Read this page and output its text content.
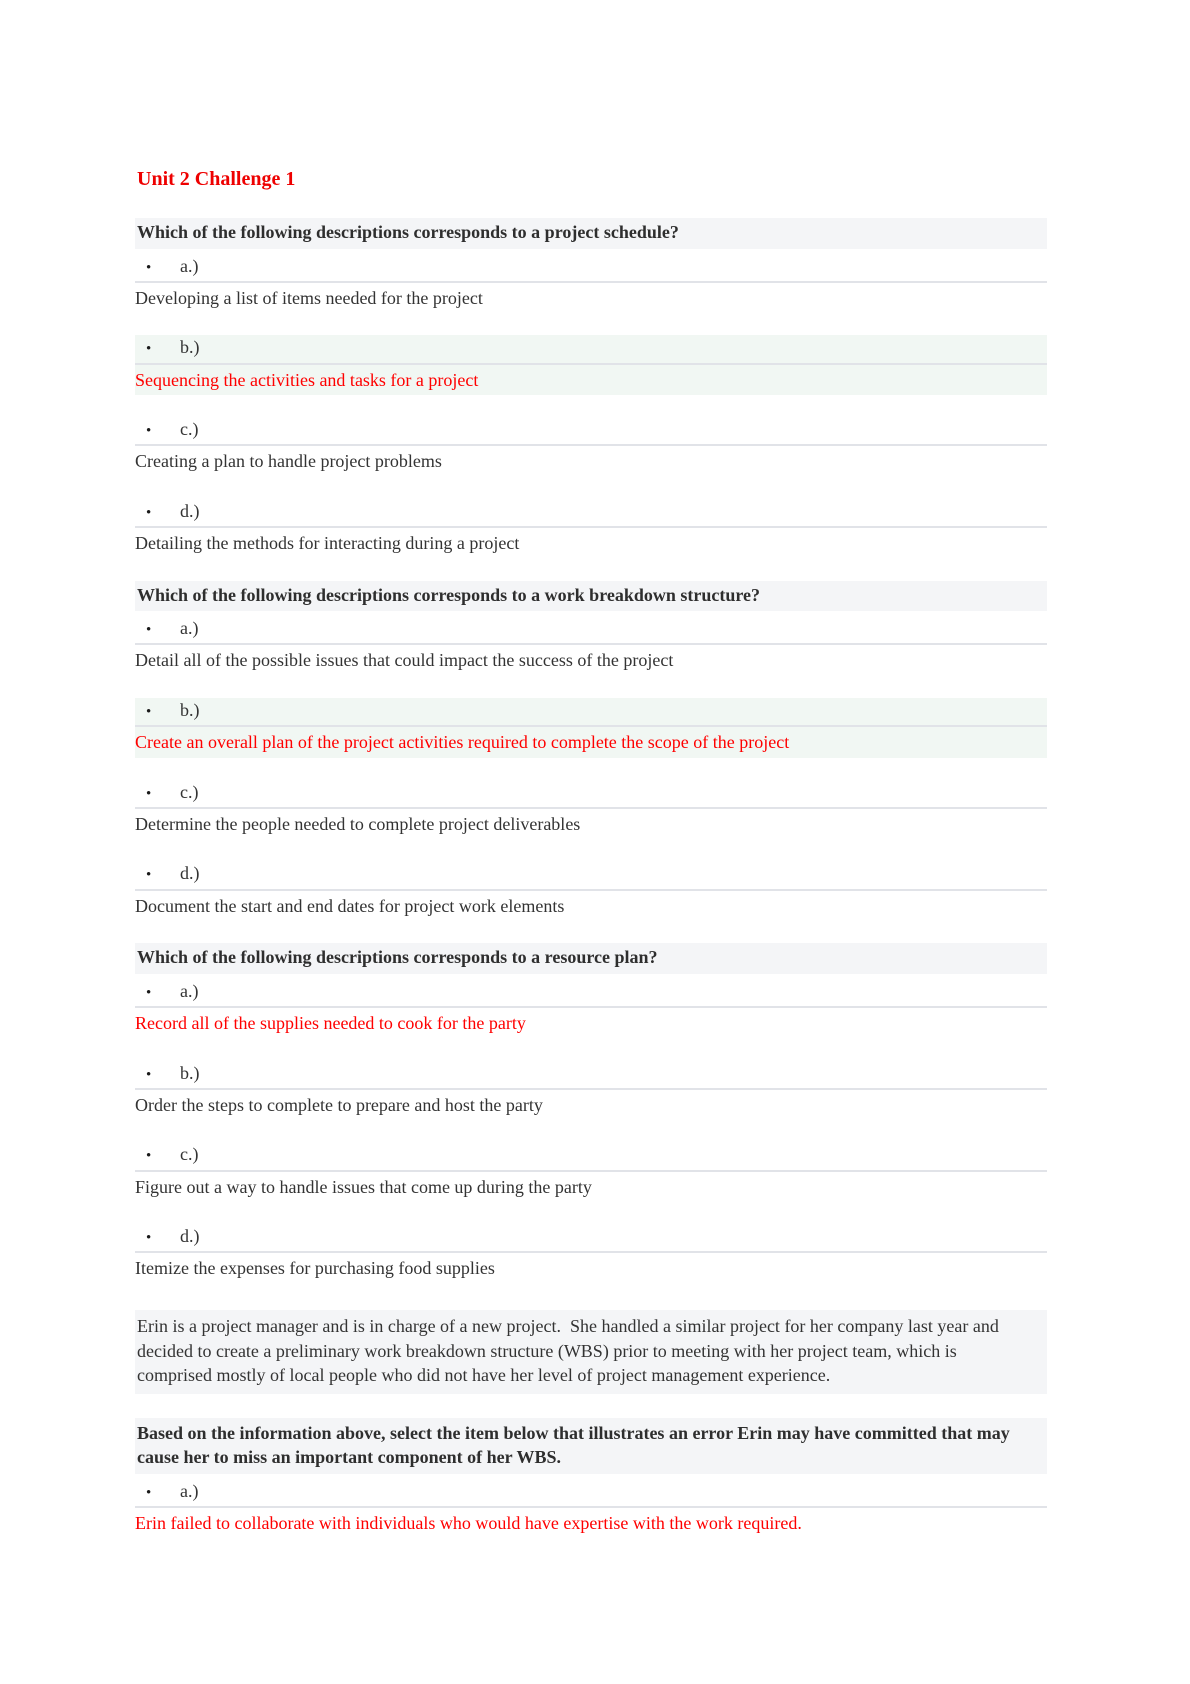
Unit 2 Challenge 1
Which of the following descriptions corresponds to a project schedule?
•	a.)
Developing a list of items needed for the project
•	b.)
Sequencing the activities and tasks for a project
•	c.)
Creating a plan to handle project problems
•	d.)
Detailing the methods for interacting during a project
Which of the following descriptions corresponds to a work breakdown structure?
•	a.)
Detail all of the possible issues that could impact the success of the project
•	b.)
Create an overall plan of the project activities required to complete the scope of the project
•	c.)
Determine the people needed to complete project deliverables
•	d.)
Document the start and end dates for project work elements
Which of the following descriptions corresponds to a resource plan?
•	a.)
Record all of the supplies needed to cook for the party
•	b.)
Order the steps to complete to prepare and host the party
•	c.)
Figure out a way to handle issues that come up during the party
•	d.)
Itemize the expenses for purchasing food supplies
Erin is a project manager and is in charge of a new project.  She handled a similar project for her company last year and decided to create a preliminary work breakdown structure (WBS) prior to meeting with her project team, which is comprised mostly of local people who did not have her level of project management experience.
Based on the information above, select the item below that illustrates an error Erin may have committed that may cause her to miss an important component of her WBS.
•	a.)
Erin failed to collaborate with individuals who would have expertise with the work required.
